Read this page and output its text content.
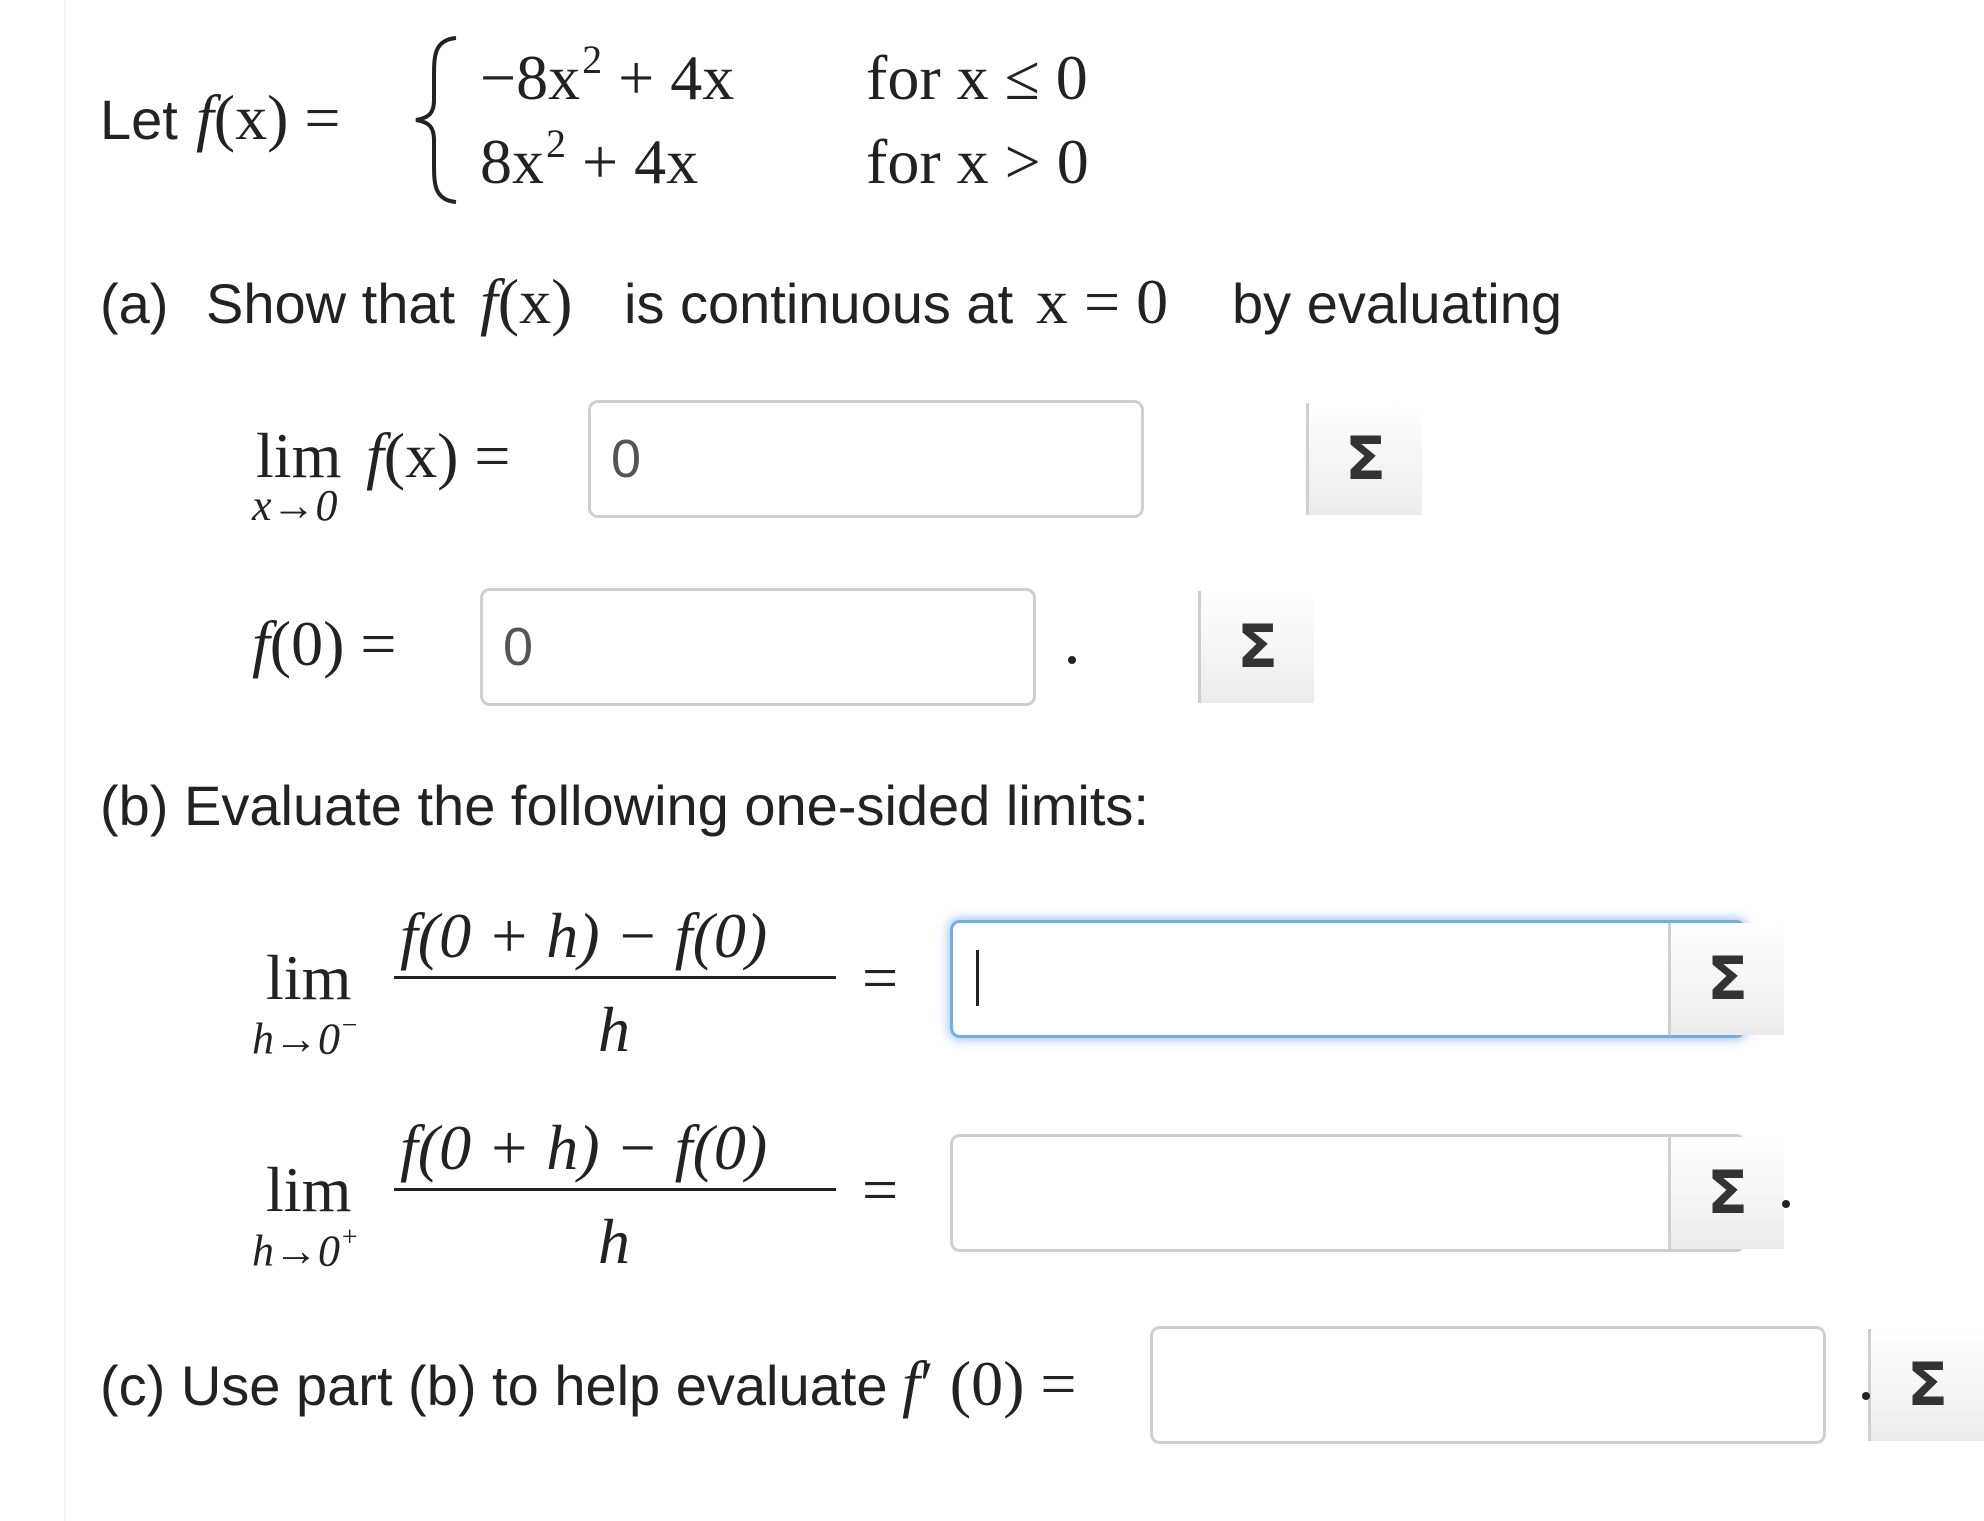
Let f(x) =
$-8x^2 + 4x$ for x ≤ 0
$8x^2 + 4x$	for x > 0
(a) Show that f(x) is continuous at x = 0 by evaluating
lim
x→0
f(x) =
0	Σ
f(0) =
0	Σ
(b) Evaluate the following one-sided limits:
lim
h→0−
f(0 + h) − f(0)
h
=	Σ
lim
h→0+
f(0 + h) − f(0)
h
=	Σ
(c) Use part (b) to help evaluate f′ (0) =	Σ
